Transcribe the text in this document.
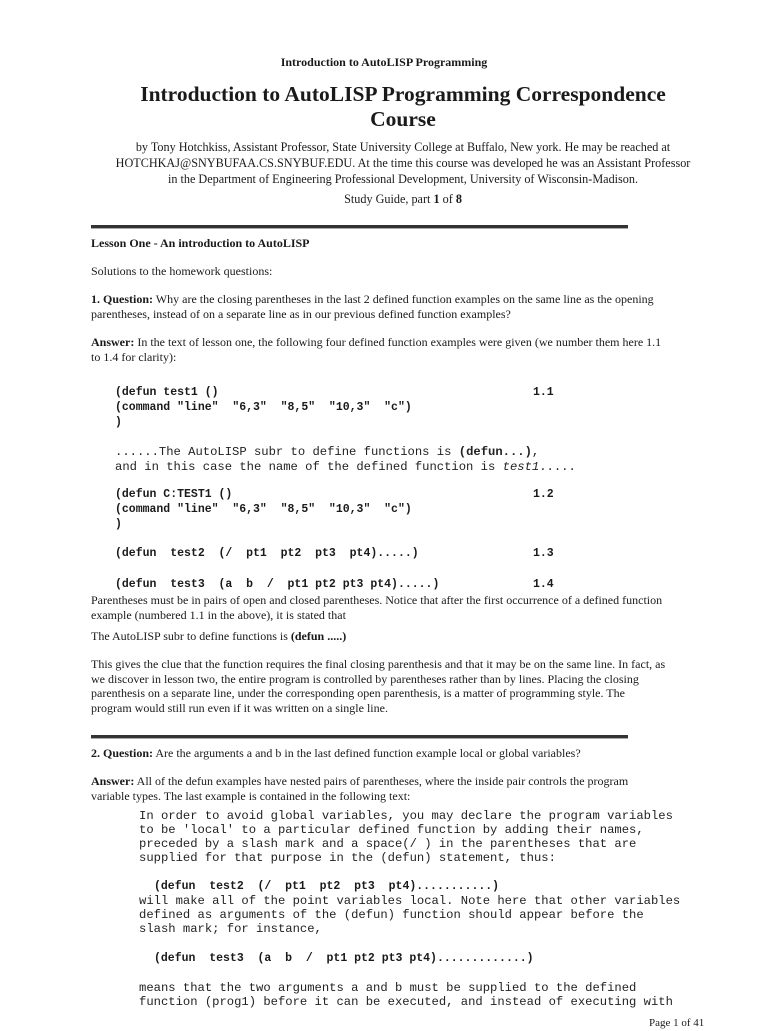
Introduction to AutoLISP Programming
Introduction to AutoLISP Programming Correspondence
Course
by Tony Hotchkiss, Assistant Professor, State University College at Buffalo, New york. He may be reached at
HOTCHKAJ@SNYBUFAA.CS.SNYBUF.EDU. At the time this course was developed he was an Assistant Professor
in the Department of Engineering Professional Development, University of Wisconsin-Madison.
Study Guide, part 1 of 8
Lesson One - An introduction to AutoLISP
Solutions to the homework questions:
1. Question: Why are the closing parentheses in the last 2 defined function examples on the same line as the opening
parentheses, instead of on a separate line as in our previous defined function examples?
Answer: In the text of lesson one, the following four defined function examples were given (we number them here 1.1
to 1.4 for clarity):
(defun test1 ()	1.1
(command "line"  "6,3"  "8,5"  "10,3"  "c")
)
......The AutoLISP subr to define functions is (defun...),
and in this case the name of the defined function is test1.....
(defun C:TEST1 ()	1.2
(command "line"  "6,3"  "8,5"  "10,3"  "c")
)
(defun  test2  (/  pt1  pt2  pt3  pt4).....)	1.3
(defun  test3  (a  b  /  pt1 pt2 pt3 pt4).....)	1.4
Parentheses must be in pairs of open and closed parentheses. Notice that after the first occurrence of a defined function
example (numbered 1.1 in the above), it is stated that
The AutoLISP subr to define functions is (defun .....)
This gives the clue that the function requires the final closing parenthesis and that it may be on the same line. In fact, as
we discover in lesson two, the entire program is controlled by parentheses rather than by lines. Placing the closing
parenthesis on a separate line, under the corresponding open parenthesis, is a matter of programming style. The
program would still run even if it was written on a single line.
2. Question: Are the arguments a and b in the last defined function example local or global variables?
Answer: All of the defun examples have nested pairs of parentheses, where the inside pair controls the program
variable types. The last example is contained in the following text:
In order to avoid global variables, you may declare the program variables
to be 'local' to a particular defined function by adding their names,
preceded by a slash mark and a space(/ ) in the parentheses that are
supplied for that purpose in the (defun) statement, thus:
(defun  test2  (/  pt1  pt2  pt3  pt4)...........)
will make all of the point variables local. Note here that other variables
defined as arguments of the (defun) function should appear before the
slash mark; for instance,
(defun  test3  (a  b  /  pt1 pt2 pt3 pt4).............)
means that the two arguments a and b must be supplied to the defined
function (prog1) before it can be executed, and instead of executing with
Page 1 of 41
